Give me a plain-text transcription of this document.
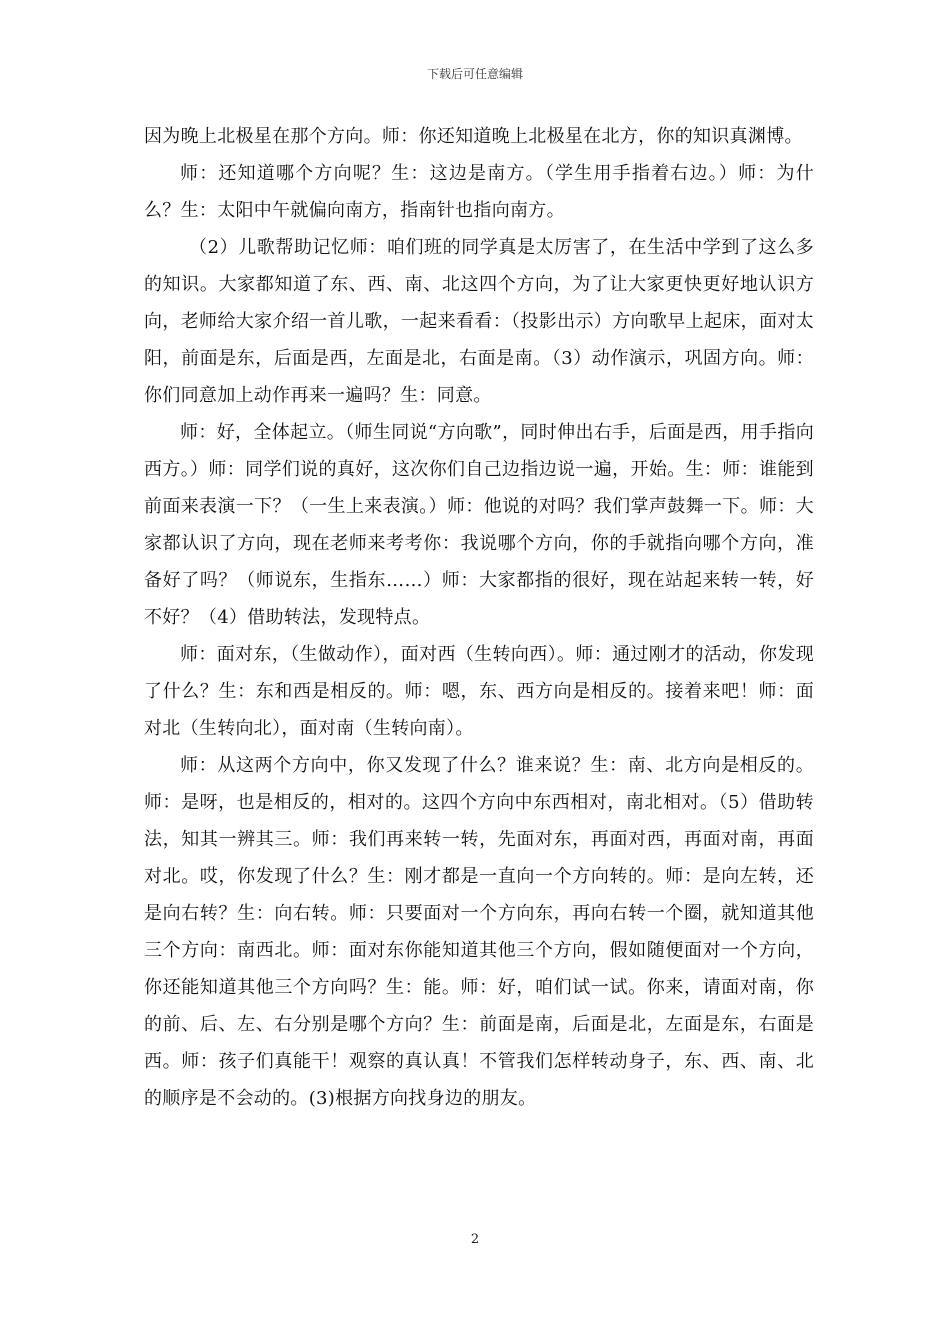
下载后可任意编辑

因为晚上北极星在那个方向。师：你还知道晚上北极星在北方，你的知识真渊博。

师：还知道哪个方向呢？生：这边是南方。（学生用手指着右边。）师：为什么？生：太阳中午就偏向南方，指南针也指向南方。

（2）儿歌帮助记忆师：咱们班的同学真是太厉害了，在生活中学到了这么多的知识。大家都知道了东、西、南、北这四个方向，为了让大家更快更好地认识方向，老师给大家介绍一首儿歌，一起来看看：（投影出示）方向歌早上起床，面对太阳，前面是东，后面是西，左面是北，右面是南。（3）动作演示，巩固方向。师：你们同意加上动作再来一遍吗？生：同意。

师：好，全体起立。（师生同说“方向歌”，同时伸出右手，后面是西，用手指向西方。）师：同学们说的真好，这次你们自己边指边说一遍，开始。生：师：谁能到前面来表演一下？（一生上来表演。）师：他说的对吗？我们掌声鼓舞一下。师：大家都认识了方向，现在老师来考考你：我说哪个方向，你的手就指向哪个方向，准备好了吗？（师说东，生指东……）师：大家都指的很好，现在站起来转一转，好不好？（4）借助转法，发现特点。

师：面对东，（生做动作），面对西（生转向西）。师：通过刚才的活动，你发现了什么？生：东和西是相反的。师：嗯，东、西方向是相反的。接着来吧！师：面对北（生转向北），面对南（生转向南）。

师：从这两个方向中，你又发现了什么？谁来说？生：南、北方向是相反的。师：是呀，也是相反的，相对的。这四个方向中东西相对，南北相对。（5）借助转法，知其一辨其三。师：我们再来转一转，先面对东，再面对西，再面对南，再面对北。哎，你发现了什么？生：刚才都是一直向一个方向转的。师：是向左转，还是向右转？生：向右转。师：只要面对一个方向东，再向右转一个圈，就知道其他三个方向：南西北。师：面对东你能知道其他三个方向，假如随便面对一个方向，你还能知道其他三个方向吗？生：能。师：好，咱们试一试。你来，请面对南，你的前、后、左、右分别是哪个方向？生：前面是南，后面是北，左面是东，右面是西。师：孩子们真能干！观察的真认真！不管我们怎样转动身子，东、西、南、北的顺序是不会动的。(3)根据方向找身边的朋友。

2
